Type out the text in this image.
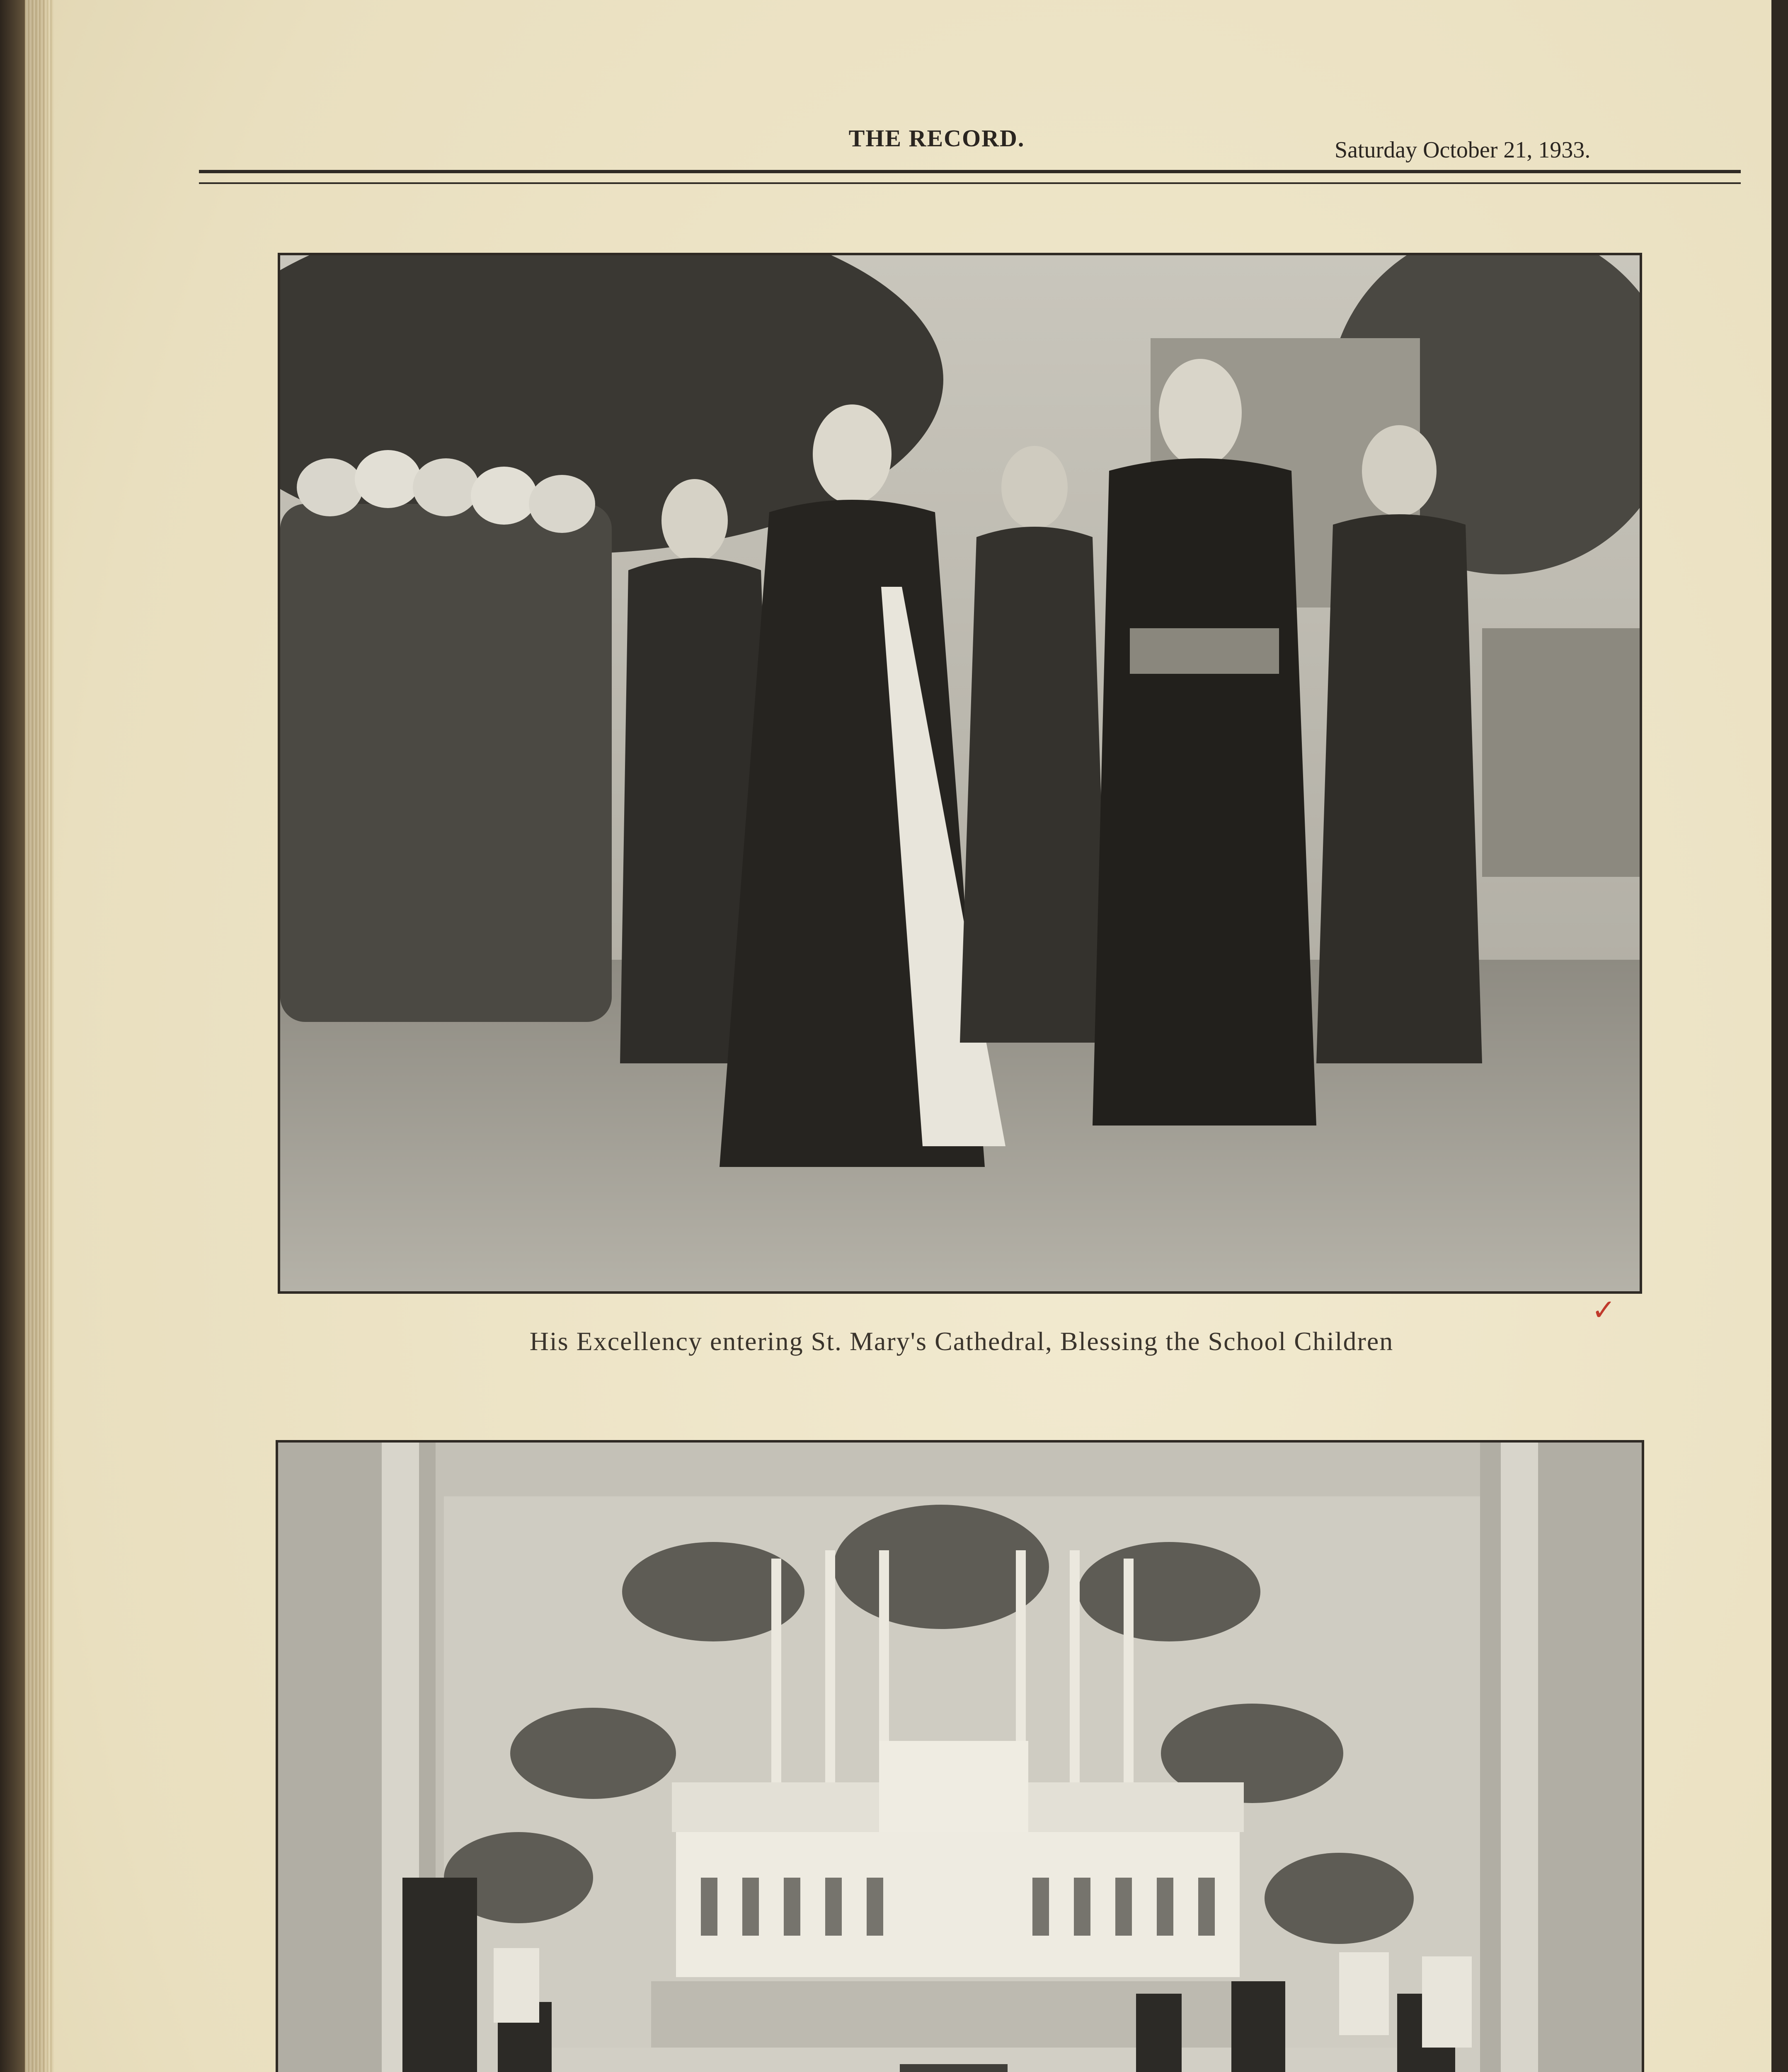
THE RECORD.	Saturday October 21, 1933.
His Excellency entering St. Mary's Cathedral, Blessing the School Children
✓
